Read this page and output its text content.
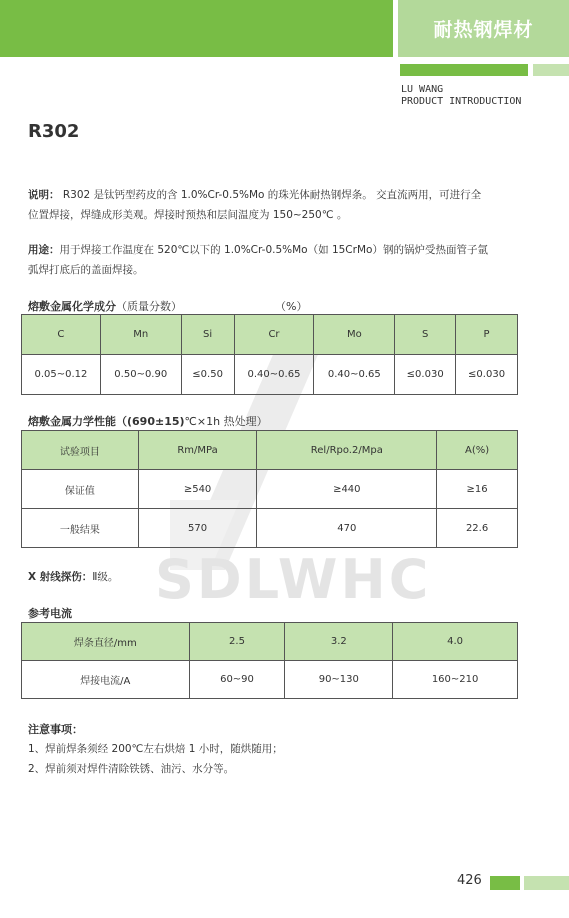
耐热钢焊材
LU WANG
PRODUCT INTRODUCTION
R302
SDLWHC
说明： R302 是钛钙型药皮的含 1.0%Cr-0.5%Mo 的珠光体耐热钢焊条。 交直流两用，可进行全
位置焊接，焊缝成形美观。焊接时预热和层间温度为 150~250℃ 。
用途：用于焊接工作温度在 520℃以下的 1.0%Cr-0.5%Mo（如 15CrMo）钢的锅炉受热面管子氩
弧焊打底后的盖面焊接。
熔敷金属化学成分（质量分数）	（%）
C	Mn	Si	Cr	Mo	S	P
0.05~0.12	0.50~0.90	≤0.50	0.40~0.65	0.40~0.65	≤0.030	≤0.030
熔敷金属力学性能（(690±15)℃×1h 热处理）
试验项目	Rm/MPa	Rel/Rpo.2/Mpa	A(%)
保证值	≥540	≥440	≥16
一般结果	570	470	22.6
X 射线探伤：Ⅱ级。
参考电流
焊条直径/mm	2.5	3.2	4.0
焊接电流/A	60~90	90~130	160~210
注意事项：
1、焊前焊条须经 200℃左右烘焙 1 小时，随烘随用；
2、焊前须对焊件清除铁锈、油污、水分等。
426
